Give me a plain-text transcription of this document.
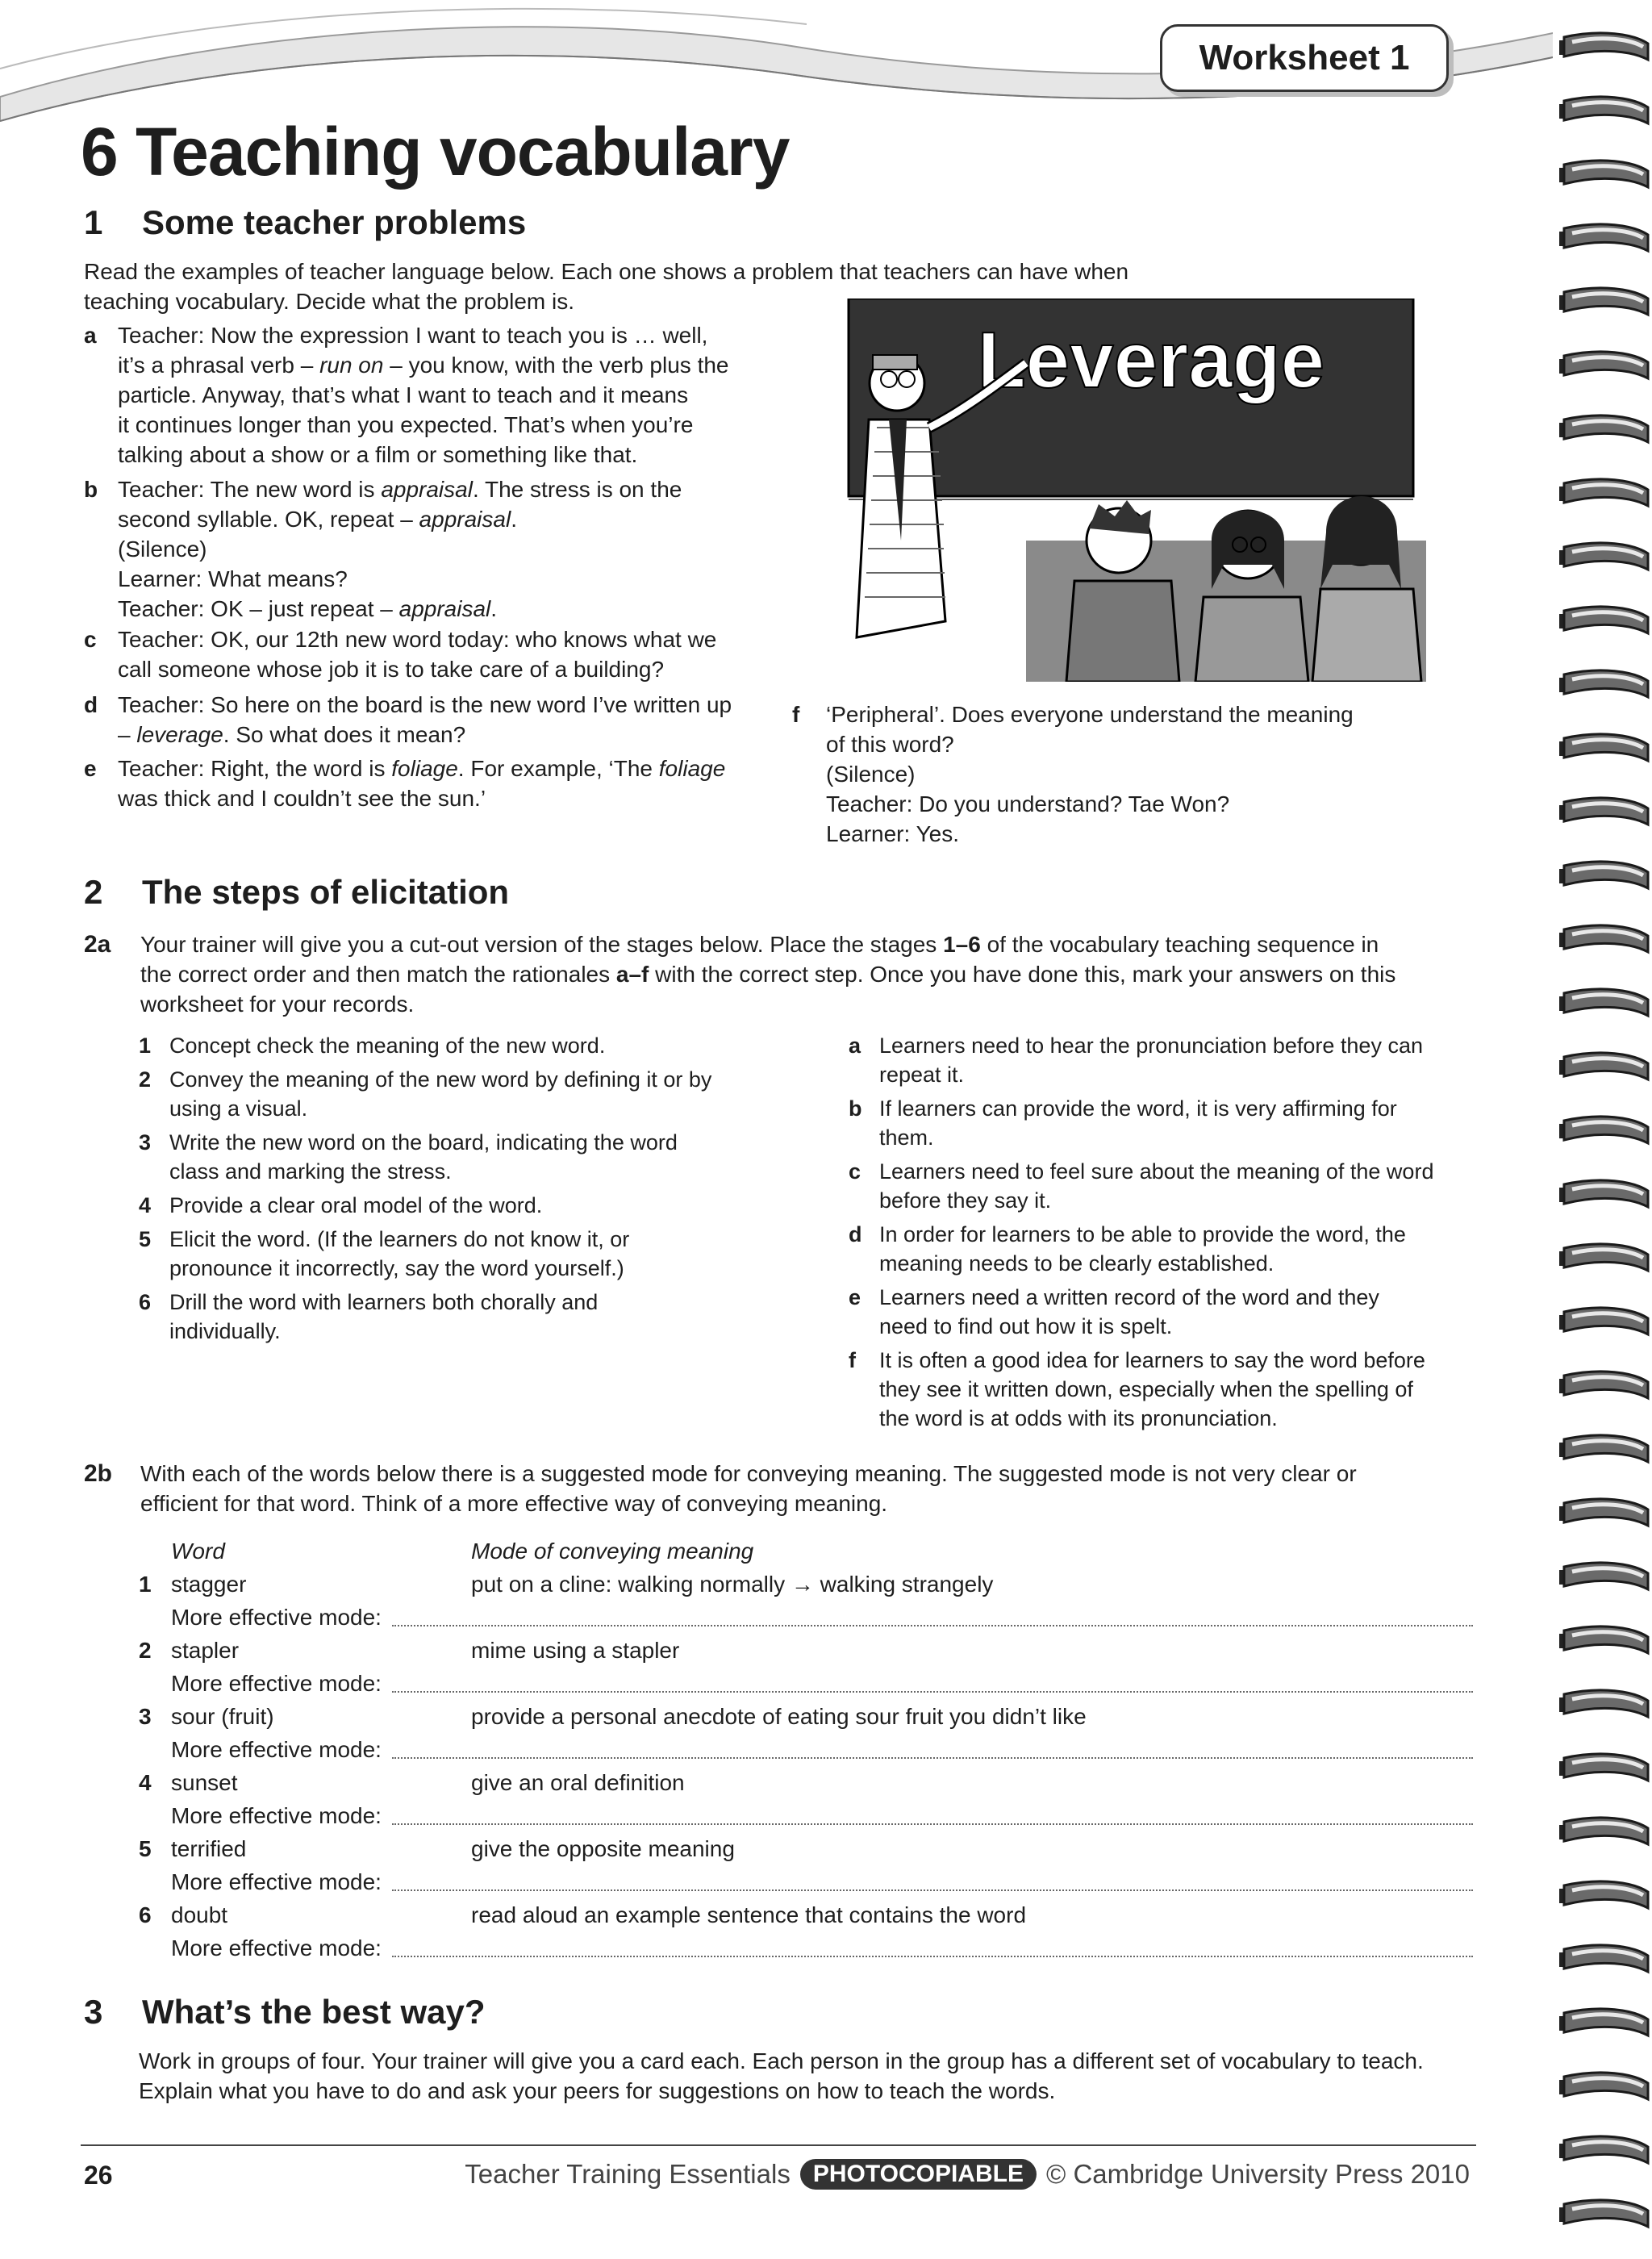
Worksheet 1
6 Teaching vocabulary
1 Some teacher problems
Read the examples of teacher language below. Each one shows a problem that teachers can have when
teaching vocabulary. Decide what the problem is.
a Teacher: Now the expression I want to teach you is … well,
it’s a phrasal verb – run on – you know, with the verb plus the
particle. Anyway, that’s what I want to teach and it means
it continues longer than you expected. That’s when you’re
talking about a show or a film or something like that.
b Teacher: The new word is appraisal. The stress is on the
second syllable. OK, repeat – appraisal.
(Silence)
Learner: What means?
Teacher: OK – just repeat – appraisal.
c Teacher: OK, our 12th new word today: who knows what we
call someone whose job it is to take care of a building?
d Teacher: So here on the board is the new word I’ve written up
– leverage. So what does it mean?
e Teacher: Right, the word is foliage. For example, ‘The foliage
was thick and I couldn’t see the sun.’
Leverage
f ‘Peripheral’. Does everyone understand the meaning
of this word?
(Silence)
Teacher: Do you understand? Tae Won?
Learner: Yes.
2 The steps of elicitation
2a Your trainer will give you a cut-out version of the stages below. Place the stages 1–6 of the vocabulary teaching sequence in
the correct order and then match the rationales a–f with the correct step. Once you have done this, mark your answers on this
worksheet for your records.
1 Concept check the meaning of the new word.
2 Convey the meaning of the new word by defining it or by
using a visual.
3 Write the new word on the board, indicating the word
class and marking the stress.
4 Provide a clear oral model of the word.
5 Elicit the word. (If the learners do not know it, or
pronounce it incorrectly, say the word yourself.)
6 Drill the word with learners both chorally and
individually.
a Learners need to hear the pronunciation before they can
repeat it.
b If learners can provide the word, it is very affirming for
them.
c Learners need to feel sure about the meaning of the word
before they say it.
d In order for learners to be able to provide the word, the
meaning needs to be clearly established.
e Learners need a written record of the word and they
need to find out how it is spelt.
f It is often a good idea for learners to say the word before
they see it written down, especially when the spelling of
the word is at odds with its pronunciation.
2b With each of the words below there is a suggested mode for conveying meaning. The suggested mode is not very clear or
efficient for that word. Think of a more effective way of conveying meaning.
Word	Mode of conveying meaning
1 stagger	put on a cline: walking normally → walking strangely
More effective mode:
2 stapler	mime using a stapler
More effective mode:
3 sour (fruit)	provide a personal anecdote of eating sour fruit you didn’t like
More effective mode:
4 sunset	give an oral definition
More effective mode:
5 terrified	give the opposite meaning
More effective mode:
6 doubt	read aloud an example sentence that contains the word
More effective mode:
3 What’s the best way?
Work in groups of four. Your trainer will give you a card each. Each person in the group has a different set of vocabulary to teach.
Explain what you have to do and ask your peers for suggestions on how to teach the words.
26	Teacher Training Essentials PHOTOCOPIABLE © Cambridge University Press 2010
